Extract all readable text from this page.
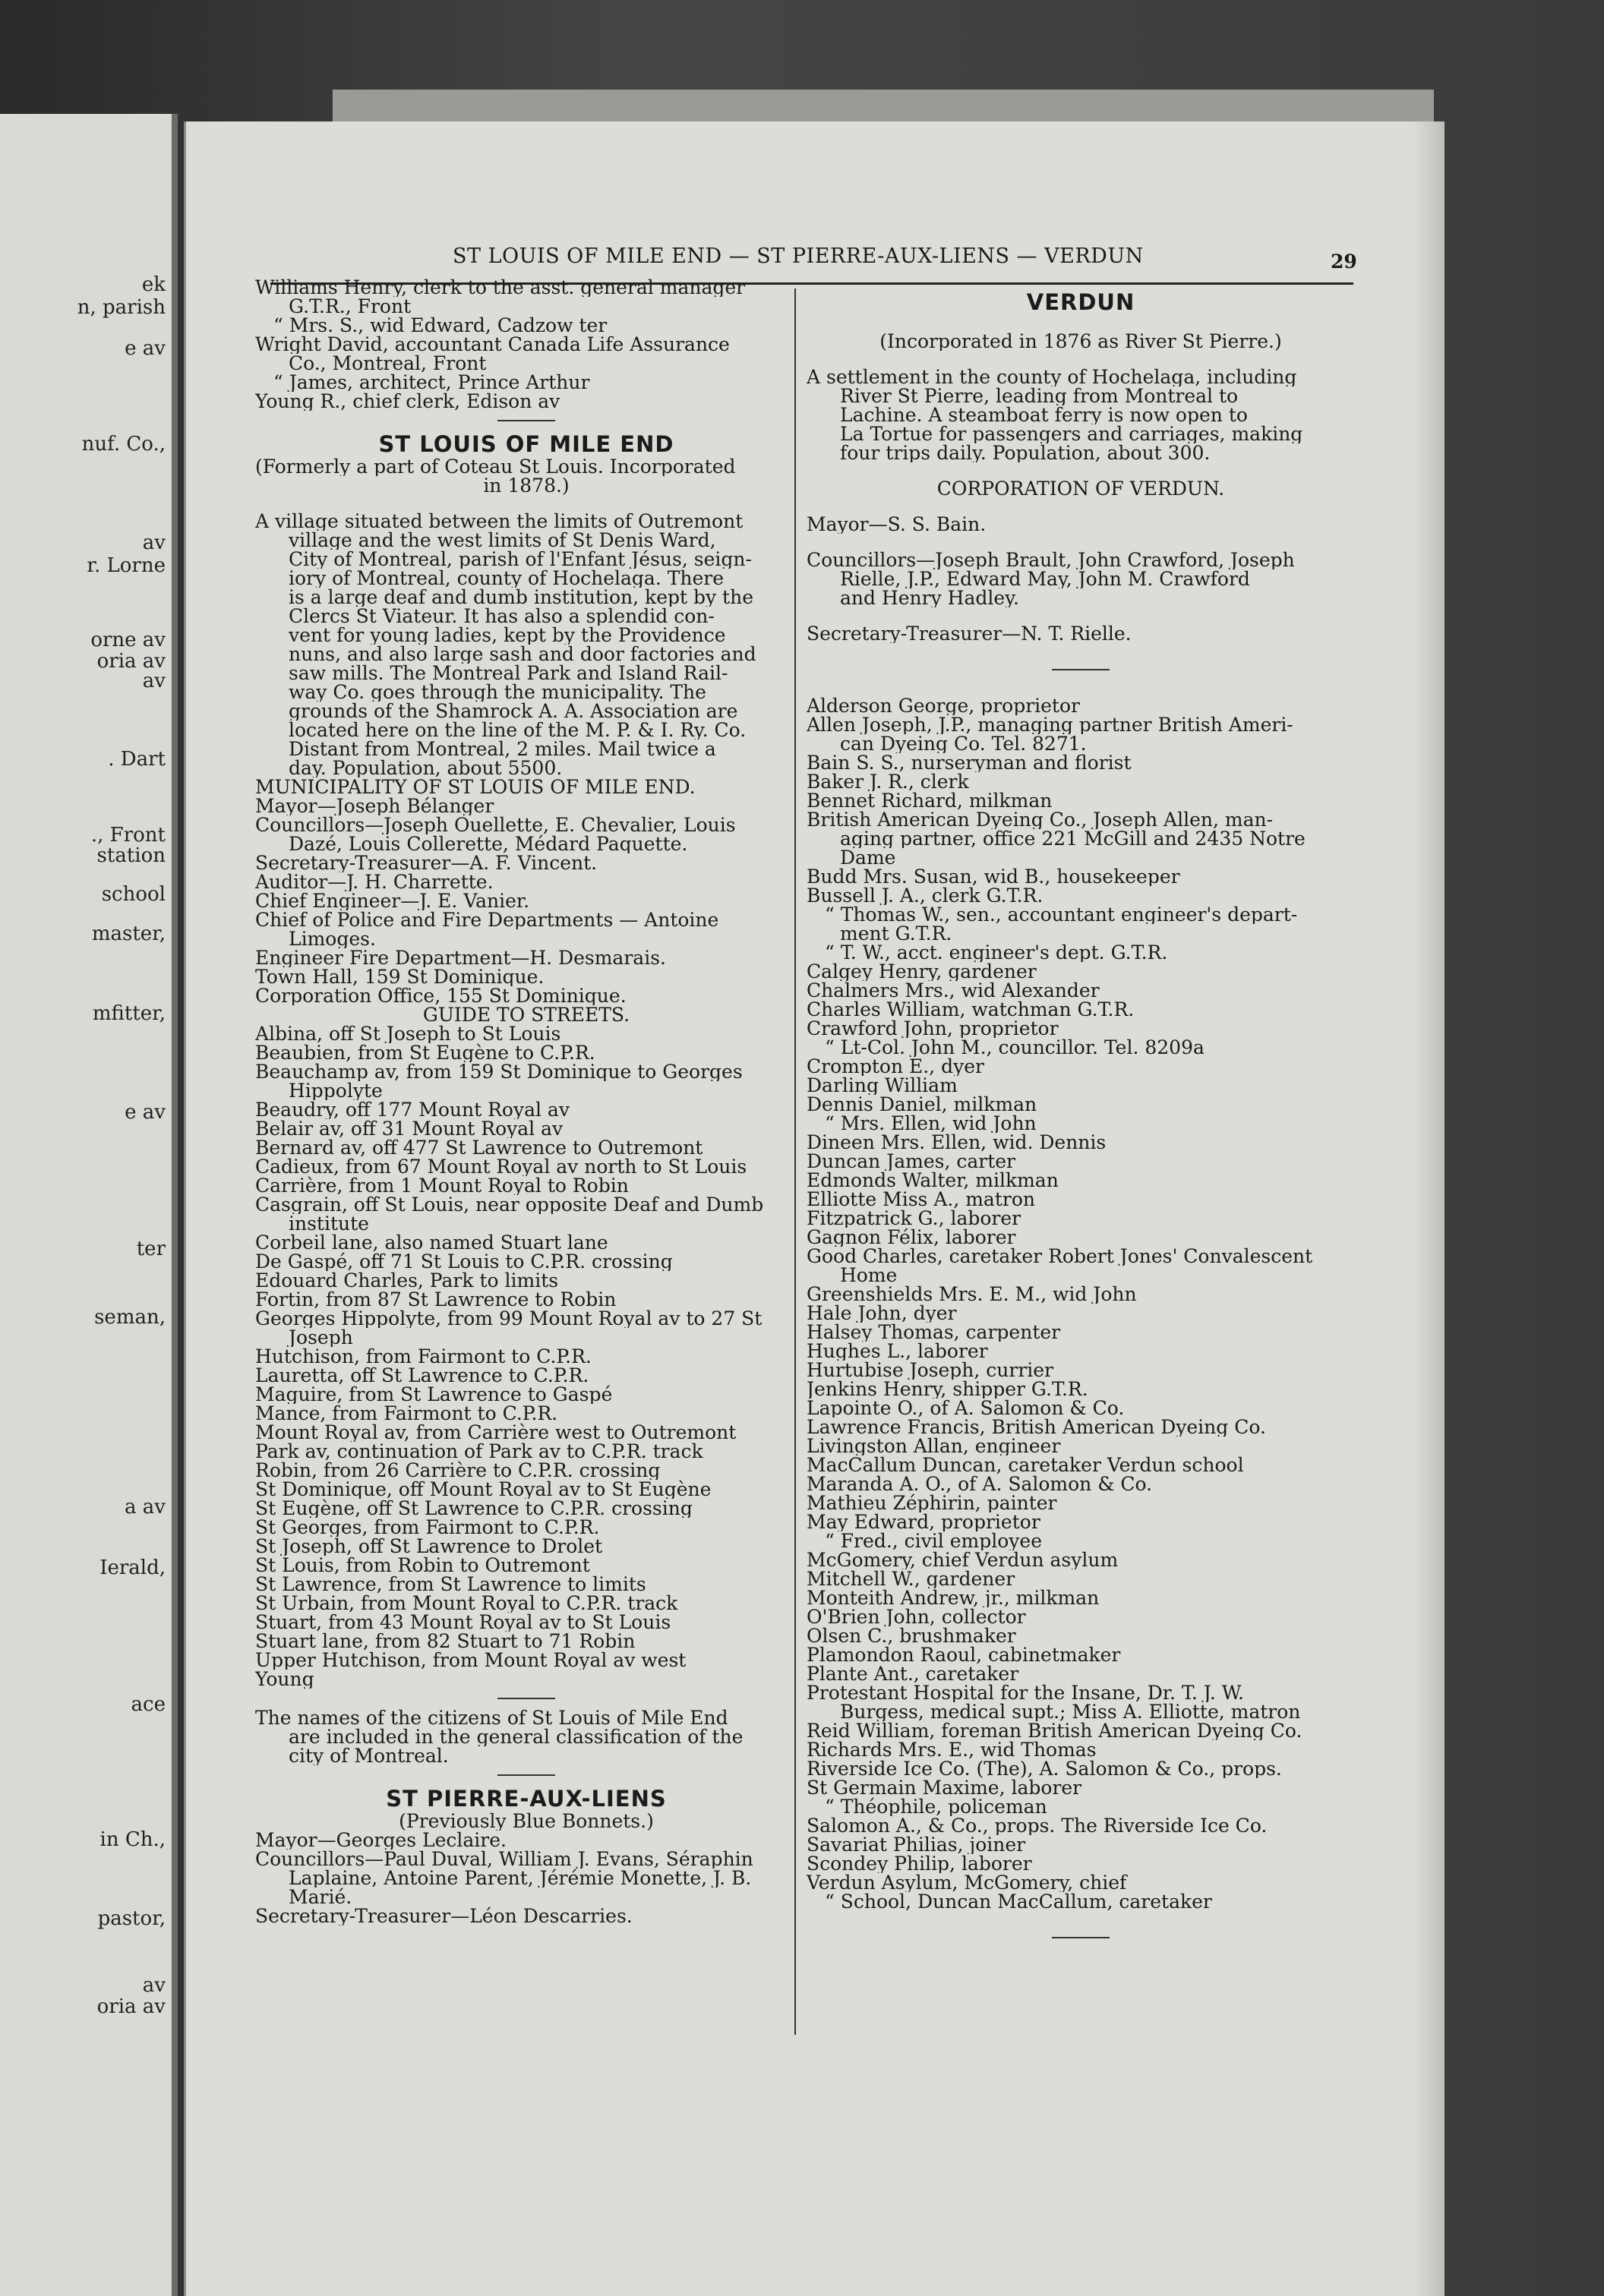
ek
n, parish
e av
nuf. Co.,
av
r. Lorne
orne av
oria av
av
. Dart
., Front
station
school
master,
mfitter,
e av
ter
seman,
a av
Ierald,
ace
in Ch.,
pastor,
av
oria av
ST LOUIS OF MILE END — ST PIERRE-AUX-LIENS — VERDUN	29
Williams Henry, clerk to the asst. general manager
G.T.R., Front
“ Mrs. S., wid Edward, Cadzow ter
Wright David, accountant Canada Life Assurance
Co., Montreal, Front
“ James, architect, Prince Arthur
Young R., chief clerk, Edison av
ST LOUIS OF MILE END
(Formerly a part of Coteau St Louis. Incorporated
in 1878.)
A village situated between the limits of Outremont
village and the west limits of St Denis Ward,
City of Montreal, parish of l'Enfant Jésus, seign-
iory of Montreal, county of Hochelaga. There
is a large deaf and dumb institution, kept by the
Clercs St Viateur. It has also a splendid con-
vent for young ladies, kept by the Providence
nuns, and also large sash and door factories and
saw mills. The Montreal Park and Island Rail-
way Co. goes through the municipality. The
grounds of the Shamrock A. A. Association are
located here on the line of the M. P. & I. Ry. Co.
Distant from Montreal, 2 miles. Mail twice a
day. Population, about 5500.
MUNICIPALITY OF ST LOUIS OF MILE END.
Mayor—Joseph Bélanger
Councillors—Joseph Ouellette, E. Chevalier, Louis
Dazé, Louis Collerette, Médard Paquette.
Secretary-Treasurer—A. F. Vincent.
Auditor—J. H. Charrette.
Chief Engineer—J. E. Vanier.
Chief of Police and Fire Departments — Antoine
Limoges.
Engineer Fire Department—H. Desmarais.
Town Hall, 159 St Dominique.
Corporation Office, 155 St Dominique.
GUIDE TO STREETS.
Albina, off St Joseph to St Louis
Beaubien, from St Eugène to C.P.R.
Beauchamp av, from 159 St Dominique to Georges
Hippolyte
Beaudry, off 177 Mount Royal av
Belair av, off 31 Mount Royal av
Bernard av, off 477 St Lawrence to Outremont
Cadieux, from 67 Mount Royal av north to St Louis
Carrière, from 1 Mount Royal to Robin
Casgrain, off St Louis, near opposite Deaf and Dumb
institute
Corbeil lane, also named Stuart lane
De Gaspé, off 71 St Louis to C.P.R. crossing
Edouard Charles, Park to limits
Fortin, from 87 St Lawrence to Robin
Georges Hippolyte, from 99 Mount Royal av to 27 St
Joseph
Hutchison, from Fairmont to C.P.R.
Lauretta, off St Lawrence to C.P.R.
Maguire, from St Lawrence to Gaspé
Mance, from Fairmont to C.P.R.
Mount Royal av, from Carrière west to Outremont
Park av, continuation of Park av to C.P.R. track
Robin, from 26 Carrière to C.P.R. crossing
St Dominique, off Mount Royal av to St Eugène
St Eugène, off St Lawrence to C.P.R. crossing
St Georges, from Fairmont to C.P.R.
St Joseph, off St Lawrence to Drolet
St Louis, from Robin to Outremont
St Lawrence, from St Lawrence to limits
St Urbain, from Mount Royal to C.P.R. track
Stuart, from 43 Mount Royal av to St Louis
Stuart lane, from 82 Stuart to 71 Robin
Upper Hutchison, from Mount Royal av west
Young
The names of the citizens of St Louis of Mile End
are included in the general classification of the
city of Montreal.
ST PIERRE-AUX-LIENS
(Previously Blue Bonnets.)
Mayor—Georges Leclaire.
Councillors—Paul Duval, William J. Evans, Séraphin
Laplaine, Antoine Parent, Jérémie Monette, J. B.
Marié.
Secretary-Treasurer—Léon Descarries.
VERDUN
(Incorporated in 1876 as River St Pierre.)
A settlement in the county of Hochelaga, including
River St Pierre, leading from Montreal to
Lachine. A steamboat ferry is now open to
La Tortue for passengers and carriages, making
four trips daily. Population, about 300.
CORPORATION OF VERDUN.
Mayor—S. S. Bain.
Councillors—Joseph Brault, John Crawford, Joseph
Rielle, J.P., Edward May, John M. Crawford
and Henry Hadley.
Secretary-Treasurer—N. T. Rielle.
Alderson George, proprietor
Allen Joseph, J.P., managing partner British Ameri-
can Dyeing Co. Tel. 8271.
Bain S. S., nurseryman and florist
Baker J. R., clerk
Bennet Richard, milkman
British American Dyeing Co., Joseph Allen, man-
aging partner, office 221 McGill and 2435 Notre
Dame
Budd Mrs. Susan, wid B., housekeeper
Bussell J. A., clerk G.T.R.
“ Thomas W., sen., accountant engineer's depart-
ment G.T.R.
“ T. W., acct. engineer's dept. G.T.R.
Calgey Henry, gardener
Chalmers Mrs., wid Alexander
Charles William, watchman G.T.R.
Crawford John, proprietor
“ Lt-Col. John M., councillor. Tel. 8209a
Crompton E., dyer
Darling William
Dennis Daniel, milkman
“ Mrs. Ellen, wid John
Dineen Mrs. Ellen, wid. Dennis
Duncan James, carter
Edmonds Walter, milkman
Elliotte Miss A., matron
Fitzpatrick G., laborer
Gagnon Félix, laborer
Good Charles, caretaker Robert Jones' Convalescent
Home
Greenshields Mrs. E. M., wid John
Hale John, dyer
Halsey Thomas, carpenter
Hughes L., laborer
Hurtubise Joseph, currier
Jenkins Henry, shipper G.T.R.
Lapointe O., of A. Salomon & Co.
Lawrence Francis, British American Dyeing Co.
Livingston Allan, engineer
MacCallum Duncan, caretaker Verdun school
Maranda A. O., of A. Salomon & Co.
Mathieu Zéphirin, painter
May Edward, proprietor
“ Fred., civil employee
McGomery, chief Verdun asylum
Mitchell W., gardener
Monteith Andrew, jr., milkman
O'Brien John, collector
Olsen C., brushmaker
Plamondon Raoul, cabinetmaker
Plante Ant., caretaker
Protestant Hospital for the Insane, Dr. T. J. W.
Burgess, medical supt.; Miss A. Elliotte, matron
Reid William, foreman British American Dyeing Co.
Richards Mrs. E., wid Thomas
Riverside Ice Co. (The), A. Salomon & Co., props.
St Germain Maxime, laborer
“ Théophile, policeman
Salomon A., & Co., props. The Riverside Ice Co.
Savariat Philias, joiner
Scondey Philip, laborer
Verdun Asylum, McGomery, chief
“ School, Duncan MacCallum, caretaker
